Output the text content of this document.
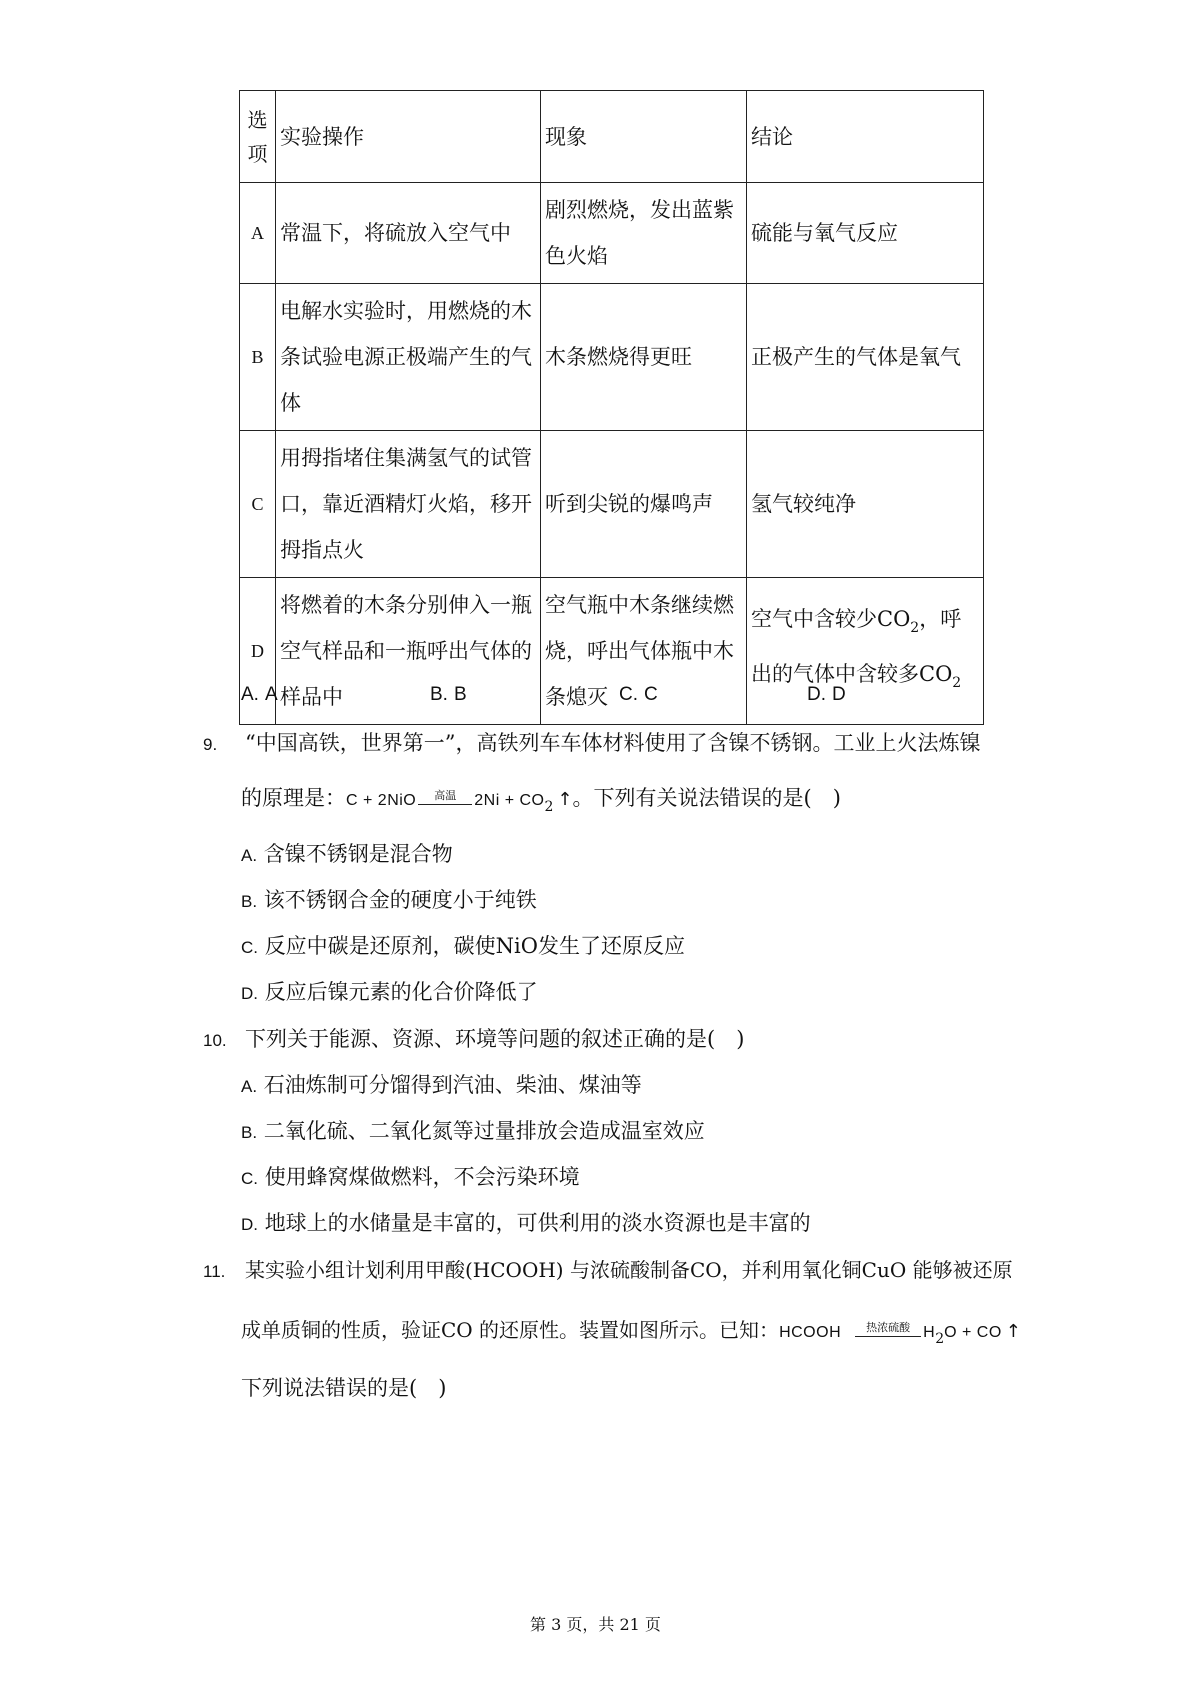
选项	实验操作	现象	结论
A	常温下，将硫放入空气中	剧烈燃烧，发出蓝紫色火焰	硫能与氧气反应
B	电解水实验时，用燃烧的木条试验电源正极端产生的气体	木条燃烧得更旺	正极产生的气体是氧气
C	用拇指堵住集满氢气的试管口，靠近酒精灯火焰，移开拇指点火	听到尖锐的爆鸣声	氢气较纯净
D	将燃着的木条分别伸入一瓶空气样品和一瓶呼出气体的样品中	空气瓶中木条继续燃烧，呼出气体瓶中木条熄灭	空气中含较少$CO_2$，呼出的气体中含较多$CO_2$
A. A	B. B	C. C	D. D
9. “中国高铁，世界第一”，高铁列车车体材料使用了含镍不锈钢。工业上火法炼镍
的原理是：C + 2NiO	高温	$2Ni + CO_2$ ↑。下列有关说法错误的是(　)
A. 含镍不锈钢是混合物
B. 该不锈钢合金的硬度小于纯铁
C. 反应中碳是还原剂，碳使NiO发生了还原反应
D. 反应后镍元素的化合价降低了
10. 下列关于能源、资源、环境等问题的叙述正确的是(　)
A. 石油炼制可分馏得到汽油、柴油、煤油等
B. 二氧化硫、二氧化氮等过量排放会造成温室效应
C. 使用蜂窝煤做燃料，不会污染环境
D. 地球上的水储量是丰富的，可供利用的淡水资源也是丰富的
11. 某实验小组计划利用甲酸(HCOOH) 与浓硫酸制备CO，并利用氧化铜CuO 能够被还原
成单质铜的性质，验证CO 的还原性。装置如图所示。已知：HCOOH	热浓硫酸 $H_2O$ + CO ↑
下列说法错误的是(　)
第 3 页，共 21 页
